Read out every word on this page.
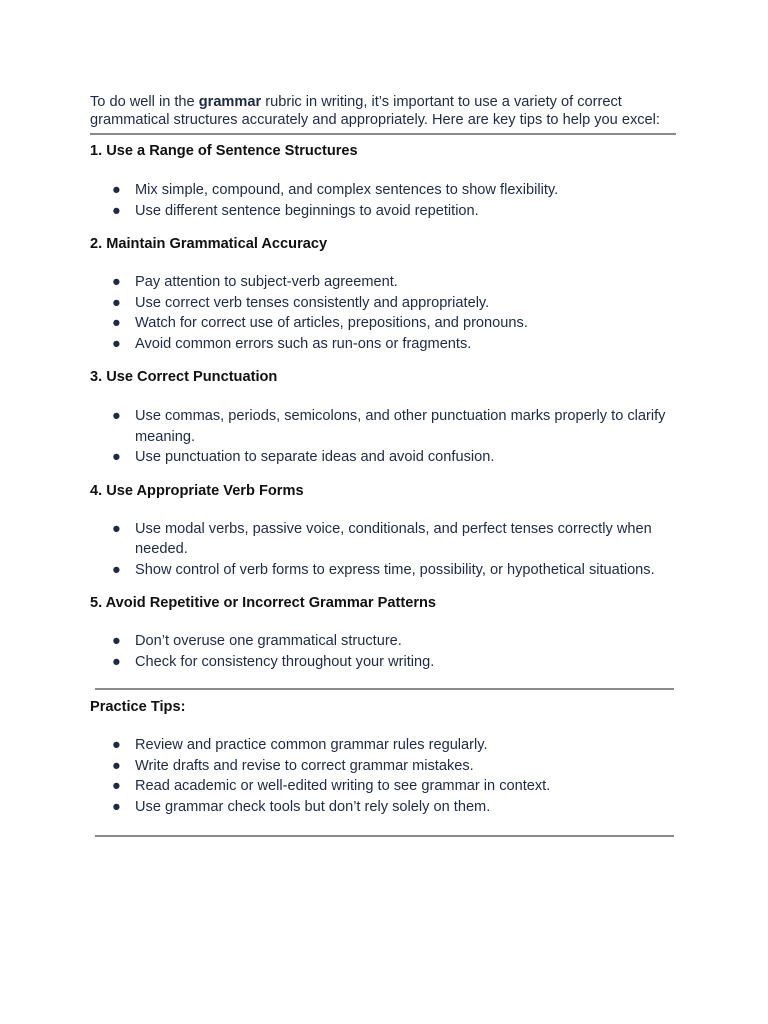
To do well in the grammar rubric in writing, it’s important to use a variety of correct grammatical structures accurately and appropriately. Here are key tips to help you excel:

1. Use a Range of Sentence Structures

● Mix simple, compound, and complex sentences to show flexibility.
● Use different sentence beginnings to avoid repetition.

2. Maintain Grammatical Accuracy

● Pay attention to subject-verb agreement.
● Use correct verb tenses consistently and appropriately.
● Watch for correct use of articles, prepositions, and pronouns.
● Avoid common errors such as run-ons or fragments.

3. Use Correct Punctuation

● Use commas, periods, semicolons, and other punctuation marks properly to clarify meaning.
● Use punctuation to separate ideas and avoid confusion.

4. Use Appropriate Verb Forms

● Use modal verbs, passive voice, conditionals, and perfect tenses correctly when needed.
● Show control of verb forms to express time, possibility, or hypothetical situations.

5. Avoid Repetitive or Incorrect Grammar Patterns

● Don’t overuse one grammatical structure.
● Check for consistency throughout your writing.

Practice Tips:

● Review and practice common grammar rules regularly.
● Write drafts and revise to correct grammar mistakes.
● Read academic or well-edited writing to see grammar in context.
● Use grammar check tools but don’t rely solely on them.
